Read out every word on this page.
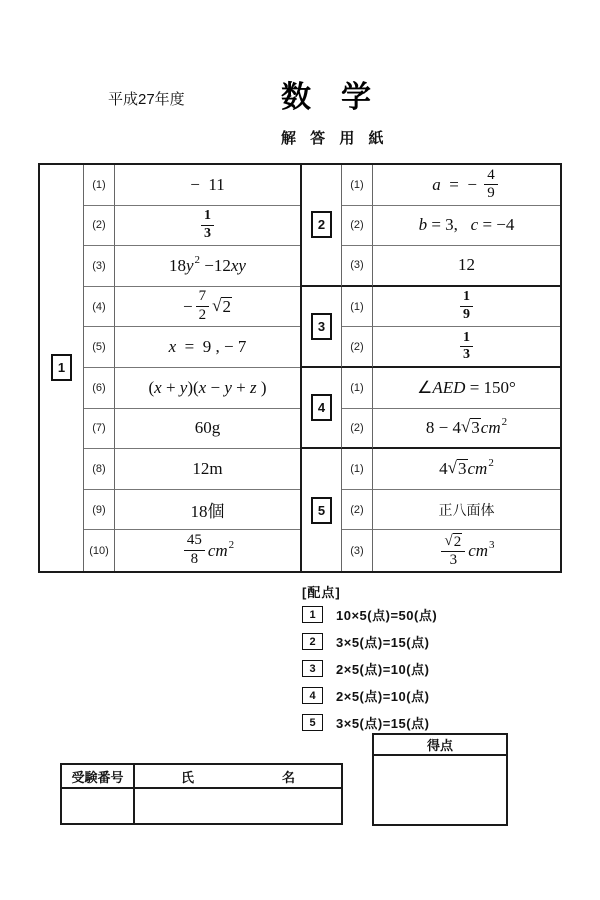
平成27年度	数　学
解 答 用 紙
1
(1)	−  11
(2)	$\frac{1}{3}$
(3)	18 y 2 −12 xy
(4)	− $\frac{7}{2}$ √ 2
(5)	x =  9 , − 7
(6)	( x + y )( x − y + z )
(7)	60g
(8)	12m
(9)	18個
(10)	$\frac{45}{8}$ cm 2
2
(1)	a =  − $\frac{4}{9}$
(2)	b = 3, c = −4
(3)	12
3
(1)	$\frac{1}{9}$
(2)	$\frac{1}{3}$
4
(1)	∠ AED = 150°
(2)	8 − 4 √ 3 cm 2
5
(1)	4 √ 3 cm 2
(2)	正八面体
(3)	$\frac{√ 2}{3}$ cm 3
[配点]
1	10×5(点)=50(点)
2	3×5(点)=15(点)
3	2×5(点)=10(点)
4	2×5(点)=10(点)
5	3×5(点)=15(点)
受験番号	氏	名
得点
